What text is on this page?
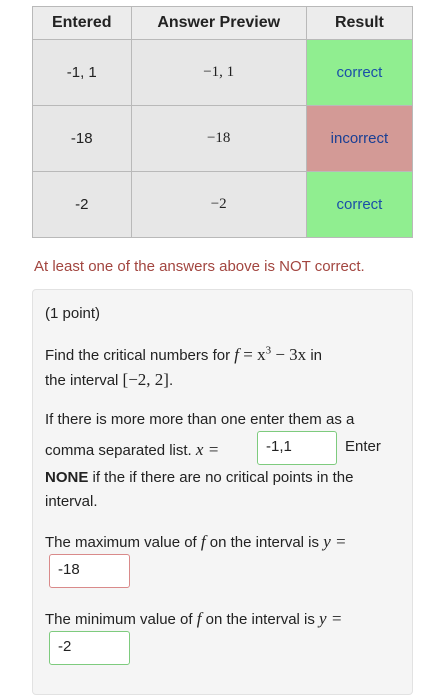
Entered	Answer Preview	Result
-1, 1	−1, 1	correct
-18	−18	incorrect
-2	−2	correct
At least one of the answers above is NOT correct.
(1 point)
Find the critical numbers for $f = x^3 - 3x$ in
the interval [−2, 2].
If there is more more than one enter them as a
comma separated list. x =	-1,1	Enter
NONE if the if there are no critical points in the
interval.
The maximum value of f on the interval is y =
-18
The minimum value of f on the interval is y =
-2
